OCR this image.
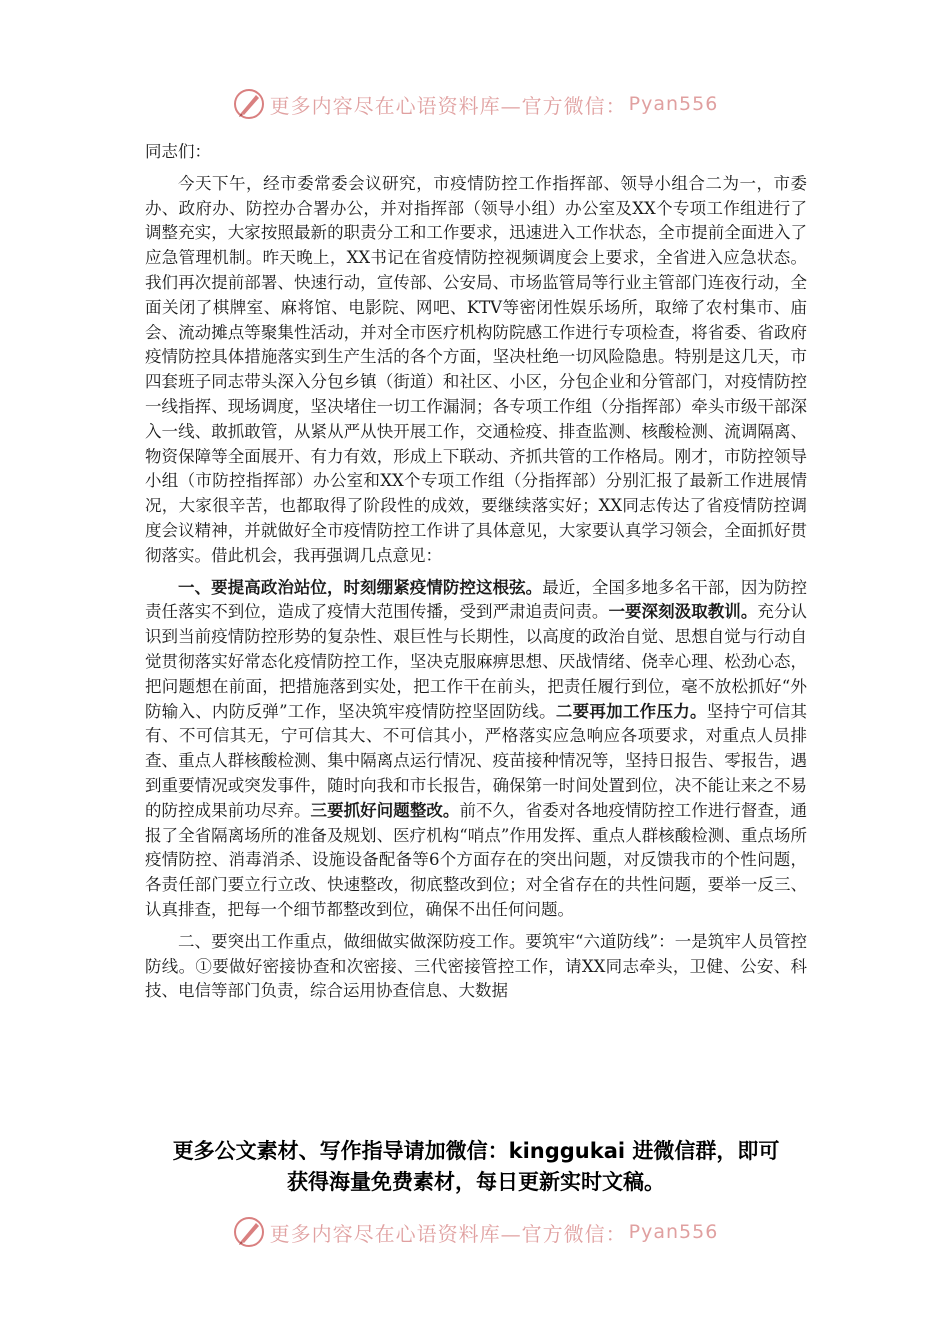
更多内容尽在心语资料库—官方微信： Pyan556

同志们：

今天下午，经市委常委会议研究，市疫情防控工作指挥部、领导小组合二为一，市委办、政府办、防控办合署办公，并对指挥部（领导小组）办公室及XX个专项工作组进行了调整充实，大家按照最新的职责分工和工作要求，迅速进入工作状态，全市提前全面进入了应急管理机制。昨天晚上，XX书记在省疫情防控视频调度会上要求，全省进入应急状态。我们再次提前部署、快速行动，宣传部、公安局、市场监管局等行业主管部门连夜行动，全面关闭了棋牌室、麻将馆、电影院、网吧、KTV等密闭性娱乐场所，取缔了农村集市、庙会、流动摊点等聚集性活动，并对全市医疗机构防院感工作进行专项检查，将省委、省政府疫情防控具体措施落实到生产生活的各个方面，坚决杜绝一切风险隐患。特别是这几天，市四套班子同志带头深入分包乡镇（街道）和社区、小区，分包企业和分管部门，对疫情防控一线指挥、现场调度，坚决堵住一切工作漏洞；各专项工作组（分指挥部）牵头市级干部深入一线、敢抓敢管，从紧从严从快开展工作，交通检疫、排查监测、核酸检测、流调隔离、物资保障等全面展开、有力有效，形成上下联动、齐抓共管的工作格局。刚才，市防控领导小组（市防控指挥部）办公室和XX个专项工作组（分指挥部）分别汇报了最新工作进展情况，大家很辛苦，也都取得了阶段性的成效，要继续落实好；XX同志传达了省疫情防控调度会议精神，并就做好全市疫情防控工作讲了具体意见，大家要认真学习领会，全面抓好贯彻落实。借此机会，我再强调几点意见：

一、要提高政治站位，时刻绷紧疫情防控这根弦。最近，全国多地多名干部，因为防控责任落实不到位，造成了疫情大范围传播，受到严肃追责问责。一要深刻汲取教训。充分认识到当前疫情防控形势的复杂性、艰巨性与长期性，以高度的政治自觉、思想自觉与行动自觉贯彻落实好常态化疫情防控工作，坚决克服麻痹思想、厌战情绪、侥幸心理、松劲心态，把问题想在前面，把措施落到实处，把工作干在前头，把责任履行到位，毫不放松抓好“外防输入、内防反弹”工作，坚决筑牢疫情防控坚固防线。二要再加工作压力。坚持宁可信其有、不可信其无，宁可信其大、不可信其小，严格落实应急响应各项要求，对重点人员排查、重点人群核酸检测、集中隔离点运行情况、疫苗接种情况等，坚持日报告、零报告，遇到重要情况或突发事件，随时向我和市长报告，确保第一时间处置到位，决不能让来之不易的防控成果前功尽弃。三要抓好问题整改。前不久，省委对各地疫情防控工作进行督查，通报了全省隔离场所的准备及规划、医疗机构“哨点”作用发挥、重点人群核酸检测、重点场所疫情防控、消毒消杀、设施设备配备等6个方面存在的突出问题，对反馈我市的个性问题，各责任部门要立行立改、快速整改，彻底整改到位；对全省存在的共性问题，要举一反三、认真排查，把每一个细节都整改到位，确保不出任何问题。

二、要突出工作重点，做细做实做深防疫工作。要筑牢“六道防线”：一是筑牢人员管控防线。①要做好密接协查和次密接、三代密接管控工作，请XX同志牵头，卫健、公安、科技、电信等部门负责，综合运用协查信息、大数据

更多公文素材、写作指导请加微信：kinggukai 进微信群，即可
获得海量免费素材，每日更新实时文稿。
更多内容尽在心语资料库—官方微信： Pyan556
